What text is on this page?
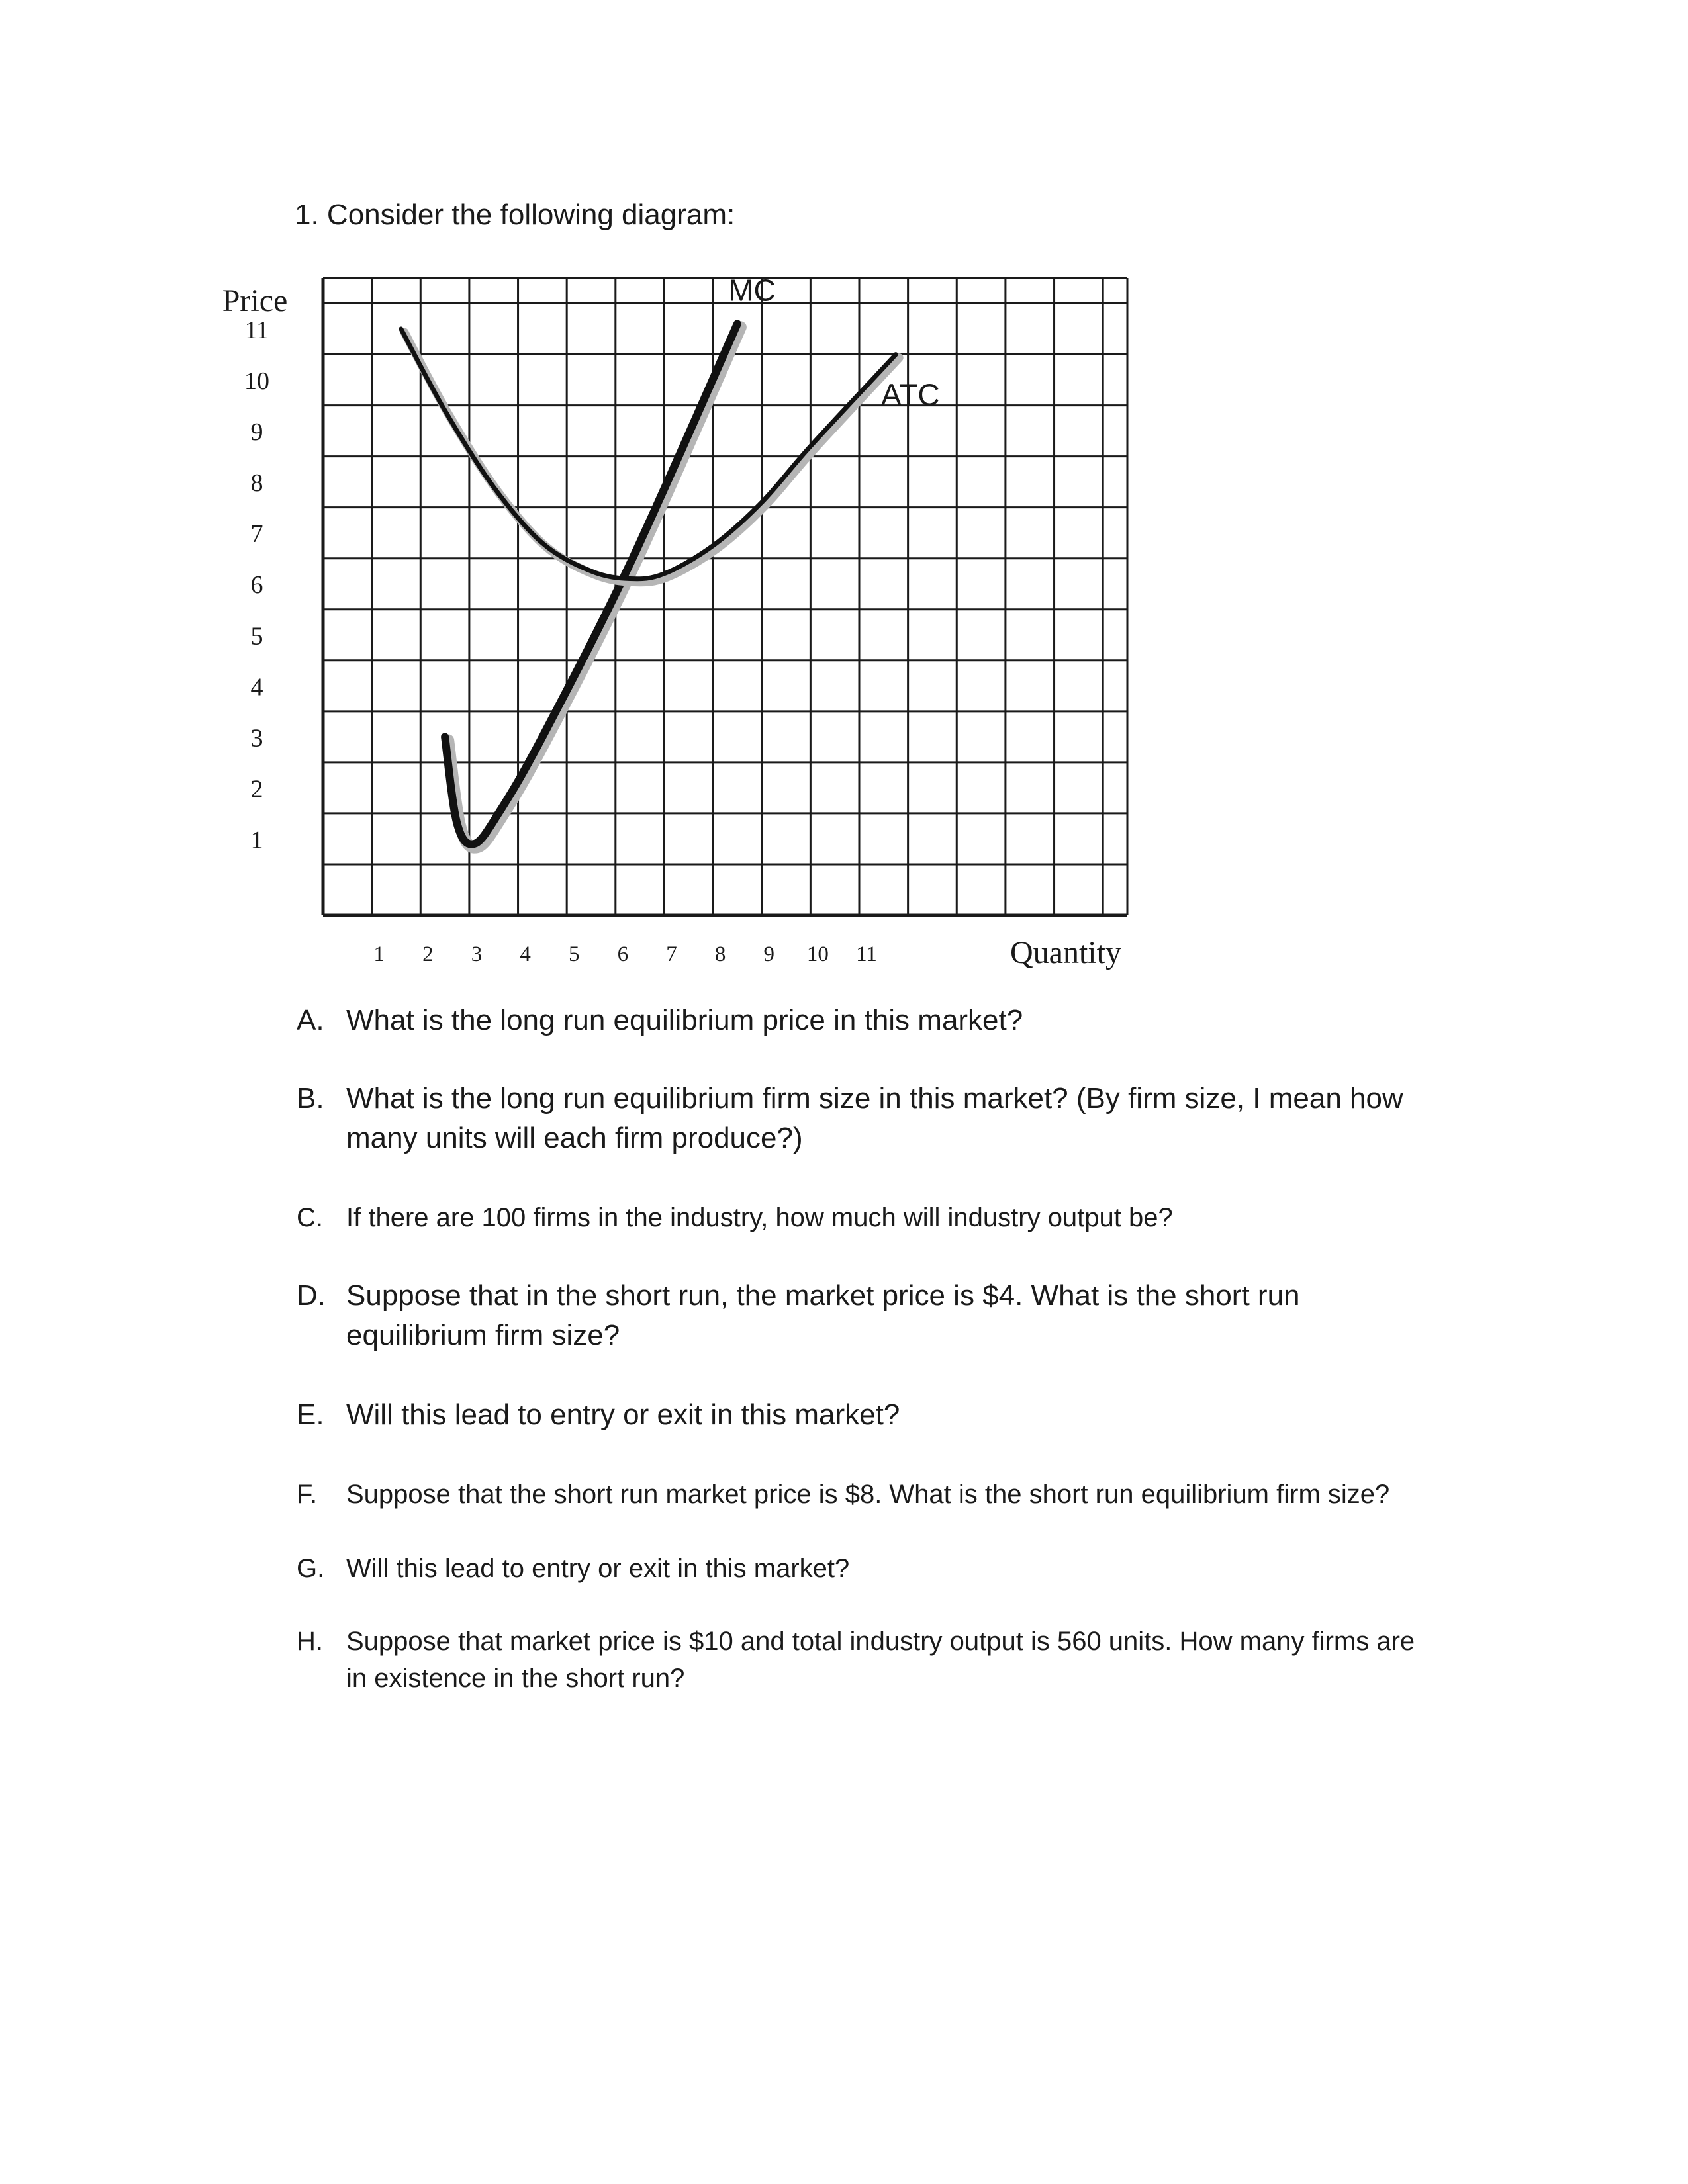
1. Consider the following diagram:
Price
Quantity
11
10
9
8
7
6
5
4
3
2
1
1 2 3 4 5 6 7 8 9 10 11
MC
ATC
A. What is the long run equilibrium price in this market?
B. What is the long run equilibrium firm size in this market? (By firm size, I mean how
many units will each firm produce?)
C. If there are 100 firms in the industry, how much will industry output be?
D. Suppose that in the short run, the market price is $4. What is the short run
equilibrium firm size?
E. Will this lead to entry or exit in this market?
F. Suppose that the short run market price is $8. What is the short run equilibrium firm size?
G. Will this lead to entry or exit in this market?
H. Suppose that market price is $10 and total industry output is 560 units. How many firms are
in existence in the short run?
